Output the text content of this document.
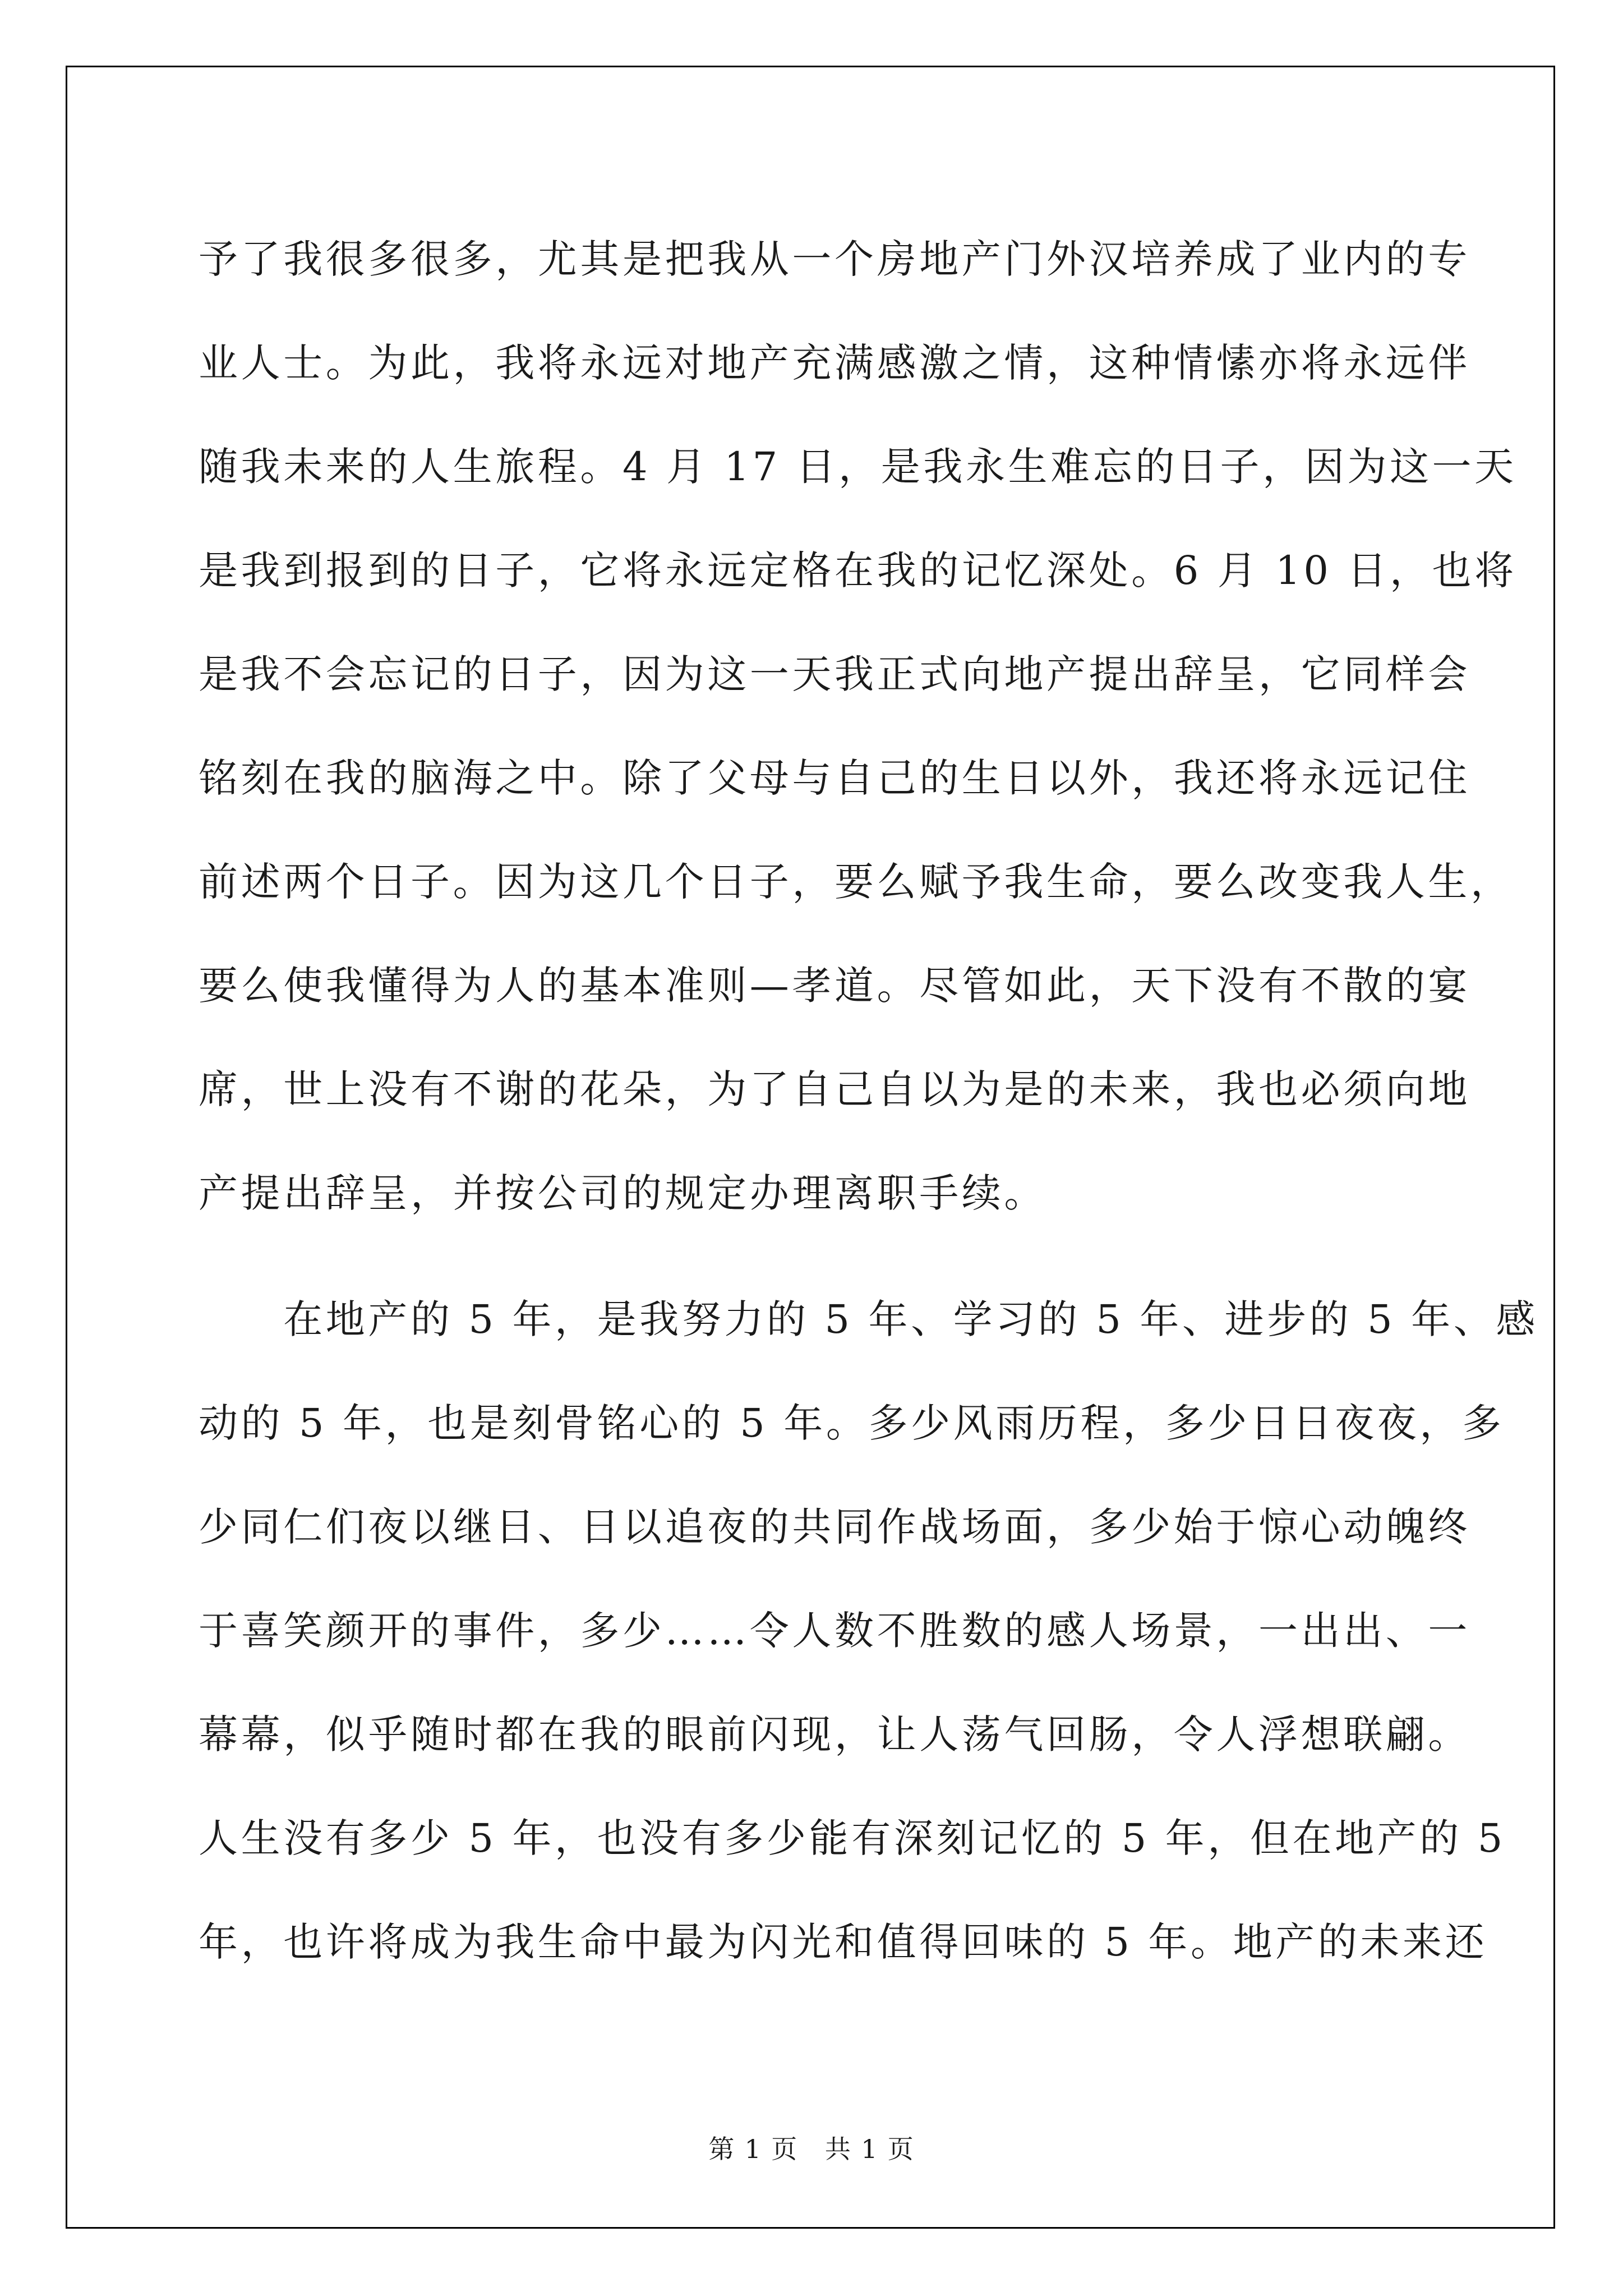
予了我很多很多，尤其是把我从一个房地产门外汉培养成了业内的专
业人士。为此，我将永远对地产充满感激之情，这种情愫亦将永远伴
随我未来的人生旅程。4 月 17 日，是我永生难忘的日子，因为这一天
是我到报到的日子，它将永远定格在我的记忆深处。6 月 10 日，也将
是我不会忘记的日子，因为这一天我正式向地产提出辞呈，它同样会
铭刻在我的脑海之中。除了父母与自己的生日以外，我还将永远记住
前述两个日子。因为这几个日子，要么赋予我生命，要么改变我人生，
要么使我懂得为人的基本准则—孝道。尽管如此，天下没有不散的宴
席，世上没有不谢的花朵，为了自己自以为是的未来，我也必须向地
产提出辞呈，并按公司的规定办理离职手续。
　　在地产的 5 年，是我努力的 5 年、学习的 5 年、进步的 5 年、感
动的 5 年，也是刻骨铭心的 5 年。多少风雨历程，多少日日夜夜，多
少同仁们夜以继日、日以追夜的共同作战场面，多少始于惊心动魄终
于喜笑颜开的事件，多少……令人数不胜数的感人场景，一出出、一
幕幕，似乎随时都在我的眼前闪现，让人荡气回肠，令人浮想联翩。
人生没有多少 5 年，也没有多少能有深刻记忆的 5 年，但在地产的 5
年，也许将成为我生命中最为闪光和值得回味的 5 年。地产的未来还
第 1 页　共 1 页
